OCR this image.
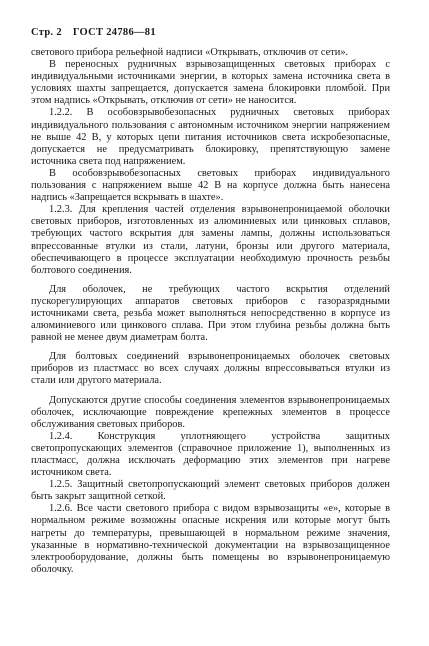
Стр. 2 ГОСТ 24786—81

светового прибора рельефной надписи «Открывать, отключив от сети».

В переносных рудничных взрывозащищенных световых приборах с индивидуальными источниками энергии, в которых замена источника света в условиях шахты запрещается, допускается замена блокировки пломбой. При этом надпись «Открывать, отключив от сети» не наносится.

1.2.2. В особовзрывобезопасных рудничных световых приборах индивидуального пользования с автономным источником энергии напряжением не выше 42 В, у которых цепи питания источников света искробезопасные, допускается не предусматривать блокировку, препятствующую замене источника света под напряжением.

В особовзрывобезопасных световых приборах индивидуального пользования с напряжением выше 42 В на корпусе должна быть нанесена надпись «Запрещается вскрывать в шахте».

1.2.3. Для крепления частей отделения взрывонепроницаемой оболочки световых приборов, изготовленных из алюминиевых или цинковых сплавов, требующих частого вскрытия для замены лампы, должны использоваться впрессованные втулки из стали, латуни, бронзы или другого материала, обеспечивающего в процессе эксплуатации необходимую прочность резьбы болтового соединения.

Для оболочек, не требующих частого вскрытия отделений пускорегулирующих аппаратов световых приборов с газоразрядными источниками света, резьба может выполняться непосредственно в корпусе из алюминиевого или цинкового сплава. При этом глубина резьбы должна быть равной не менее двум диаметрам болта.

Для болтовых соединений взрывонепроницаемых оболочек световых приборов из пластмасс во всех случаях должны впрессовываться втулки из стали или другого материала.

Допускаются другие способы соединения элементов взрывонепроницаемых оболочек, исключающие повреждение крепежных элементов в процессе обслуживания световых приборов.

1.2.4. Конструкция уплотняющего устройства защитных светопропускающих элементов (справочное приложение 1), выполненных из пластмасс, должна исключать деформацию этих элементов при нагреве источником света.

1.2.5. Защитный светопропускающий элемент световых приборов должен быть закрыт защитной сеткой.

1.2.6. Все части светового прибора с видом взрывозащиты «е», которые в нормальном режиме возможны опасные искрения или которые могут быть нагреты до температуры, превышающей в нормальном режиме значения, указанные в нормативно-технической документации на взрывозащищенное электрооборудование, должны быть помещены во взрывонепроницаемую оболочку.
